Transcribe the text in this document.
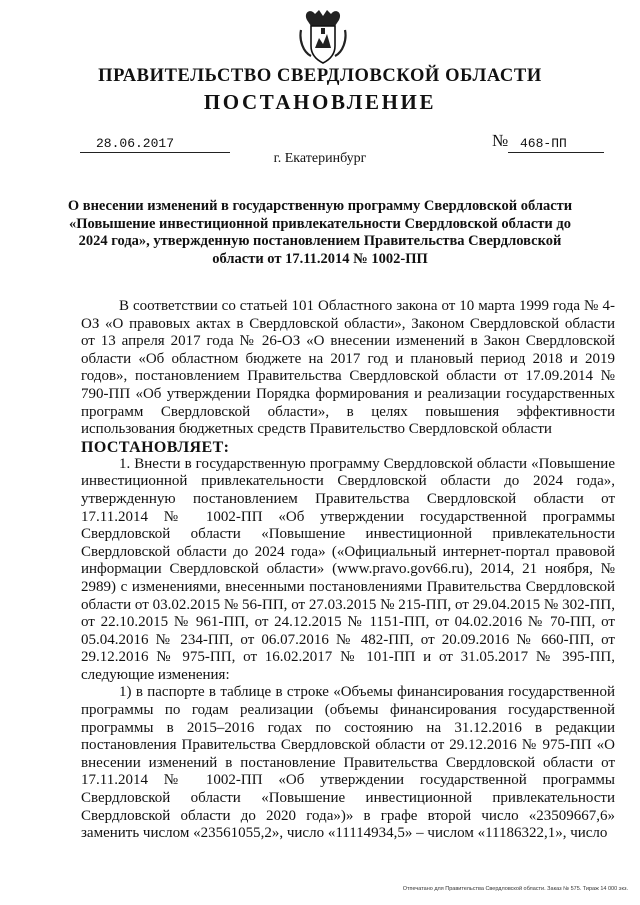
ПРАВИТЕЛЬСТВО СВЕРДЛОВСКОЙ ОБЛАСТИ
ПОСТАНОВЛЕНИЕ
28.06.2017	№ 468-ПП
г. Екатеринбург
О внесении изменений в государственную программу Свердловской области «Повышение инвестиционной привлекательности Свердловской области до 2024 года», утвержденную постановлением Правительства Свердловской области от 17.11.2014 № 1002-ПП

В соответствии со статьей 101 Областного закона от 10 марта 1999 года № 4-ОЗ «О правовых актах в Свердловской области», Законом Свердловской области от 13 апреля 2017 года № 26-ОЗ «О внесении изменений в Закон Свердловской области «Об областном бюджете на 2017 год и плановый период 2018 и 2019 годов», постановлением Правительства Свердловской области от 17.09.2014 № 790-ПП «Об утверждении Порядка формирования и реализации государственных программ Свердловской области», в целях повышения эффективности использования бюджетных средств Правительство Свердловской области

ПОСТАНОВЛЯЕТ:

1. Внести в государственную программу Свердловской области «Повышение инвестиционной привлекательности Свердловской области до 2024 года», утвержденную постановлением Правительства Свердловской области от 17.11.2014 № 1002-ПП «Об утверждении государственной программы Свердловской области «Повышение инвестиционной привлекательности Свердловской области до 2024 года» («Официальный интернет-портал правовой информации Свердловской области» (www.pravo.gov66.ru), 2014, 21 ноября, № 2989) с изменениями, внесенными постановлениями Правительства Свердловской области от 03.02.2015 № 56-ПП, от 27.03.2015 № 215-ПП, от 29.04.2015 № 302-ПП, от 22.10.2015 № 961-ПП, от 24.12.2015 № 1151-ПП, от 04.02.2016 № 70-ПП, от 05.04.2016 № 234-ПП, от 06.07.2016 № 482-ПП, от 20.09.2016 № 660-ПП, от 29.12.2016 № 975-ПП, от 16.02.2017 № 101-ПП и от 31.05.2017 № 395-ПП, следующие изменения:

1) в паспорте в таблице в строке «Объемы финансирования государственной программы по годам реализации (объемы финансирования государственной программы в 2015–2016 годах по состоянию на 31.12.2016 в редакции постановления Правительства Свердловской области от 29.12.2016 № 975-ПП «О внесении изменений в постановление Правительства Свердловской области от 17.11.2014 № 1002-ПП «Об утверждении государственной программы Свердловской области «Повышение инвестиционной привлекательности Свердловской области до 2020 года»)» в графе второй число «23509667,6» заменить числом «23561055,2», число «11114934,5» – числом «11186322,1», число

Отпечатано для Правительства Свердловской области. Заказ № 575. Тираж 14 000 экз.
